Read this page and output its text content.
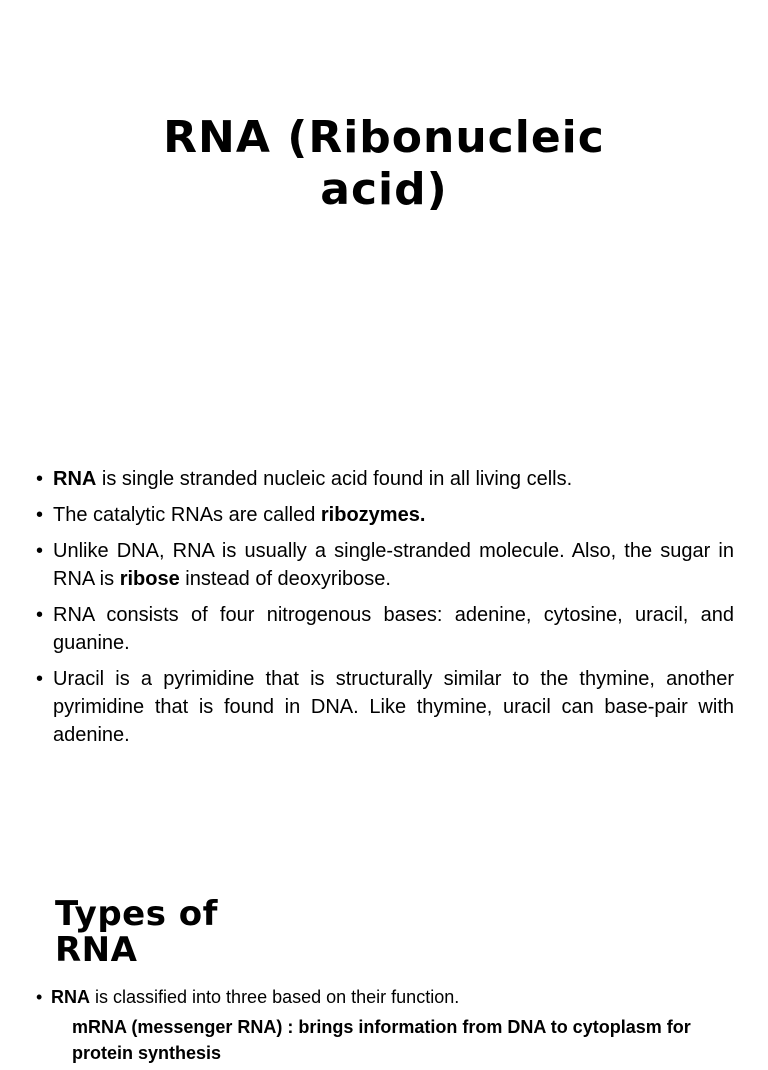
RNA (Ribonucleic
acid)
• RNA is single stranded nucleic acid found in all living cells.
• The catalytic RNAs are called ribozymes.
• Unlike DNA, RNA is usually a single-stranded molecule. Also, the sugar in RNA is ribose instead of deoxyribose.
• RNA consists of four nitrogenous bases: adenine, cytosine, uracil, and guanine.
• Uracil is a pyrimidine that is structurally similar to the thymine, another pyrimidine that is found in DNA. Like thymine, uracil can base-pair with adenine.
Types of
RNA
• RNA is classified into three based on their function.
mRNA (messenger RNA) : brings information from DNA to cytoplasm for protein synthesis
